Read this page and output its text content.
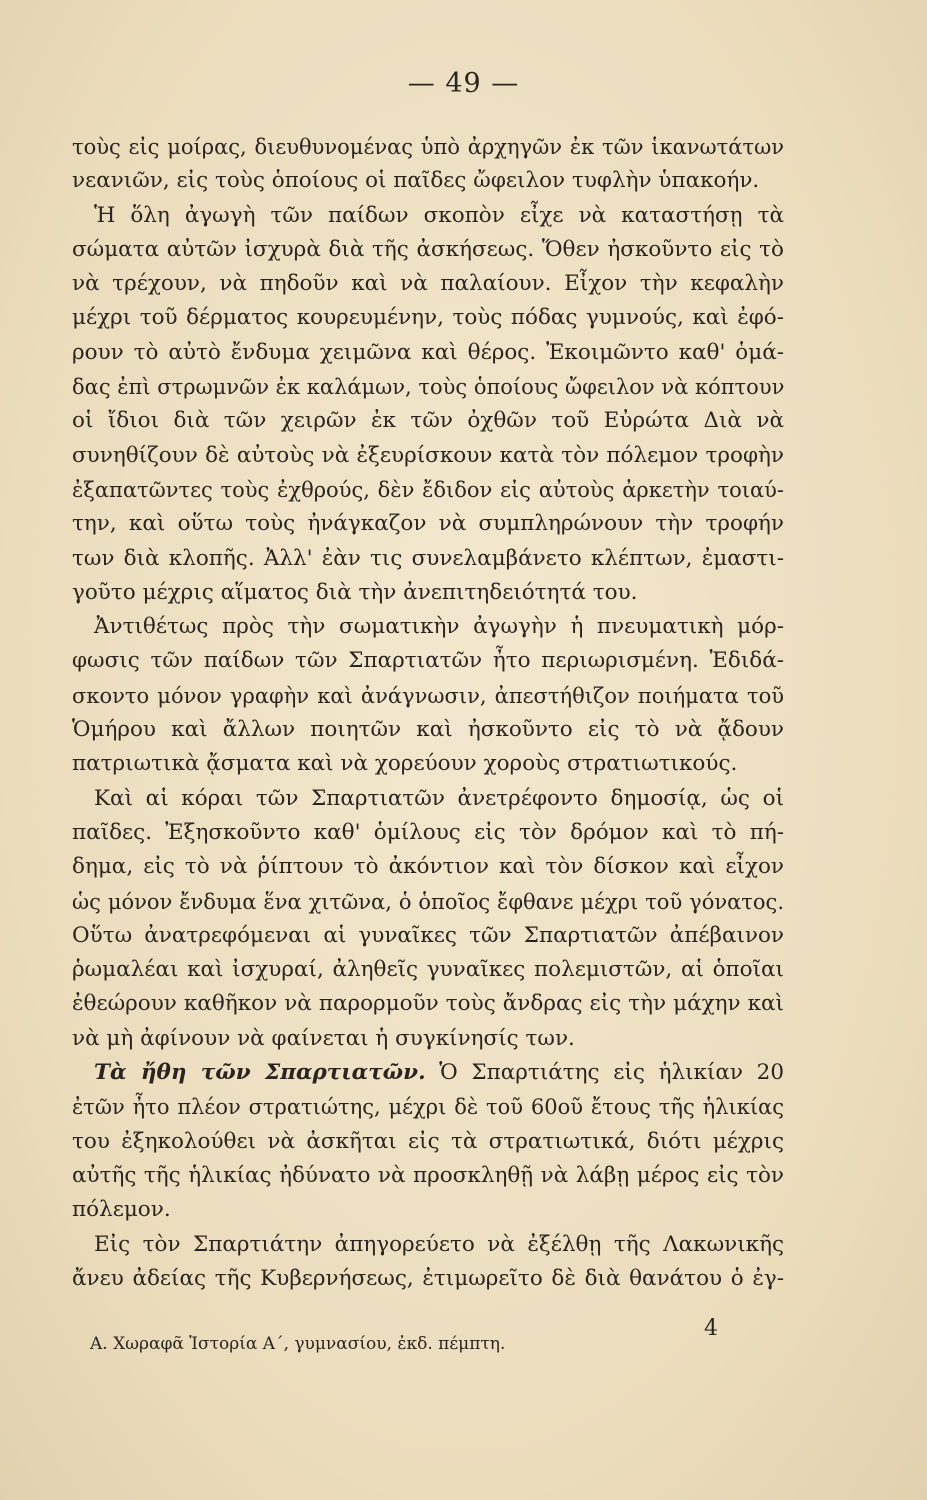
— 49 —
τοὺς εἰς μοίρας, διευθυνομένας ὑπὸ ἀρχηγῶν ἐκ τῶν ἱκανωτάτων
νεανιῶν, εἰς τοὺς ὁποίους οἱ παῖδες ὤφειλον τυφλὴν ὑπακοήν.
Ἡ ὅλη ἀγωγὴ τῶν παίδων σκοπὸν εἶχε νὰ καταστήσῃ τὰ
σώματα αὐτῶν ἰσχυρὰ διὰ τῆς ἀσκήσεως. Ὅθεν ἠσκοῦντο εἰς τὸ
νὰ τρέχουν, νὰ πηδοῦν καὶ νὰ παλαίουν. Εἶχον τὴν κεφαλὴν
μέχρι τοῦ δέρματος κουρευμένην, τοὺς πόδας γυμνούς, καὶ ἐφό-
ρουν τὸ αὐτὸ ἔνδυμα χειμῶνα καὶ θέρος. Ἐκοιμῶντο καθ' ὁμά-
δας ἐπὶ στρωμνῶν ἐκ καλάμων, τοὺς ὁποίους ὤφειλον νὰ κόπτουν
οἱ ἴδιοι διὰ τῶν χειρῶν ἐκ τῶν ὀχθῶν τοῦ Εὐρώτα Διὰ νὰ
συνηθίζουν δὲ αὐτοὺς νὰ ἐξευρίσκουν κατὰ τὸν πόλεμον τροφὴν
ἐξαπατῶντες τοὺς ἐχθρούς, δὲν ἔδιδον εἰς αὐτοὺς ἀρκετὴν τοιαύ-
την, καὶ οὕτω τοὺς ἠνάγκαζον νὰ συμπληρώνουν τὴν τροφήν
των διὰ κλοπῆς. Ἀλλ' ἐὰν τις συνελαμβάνετο κλέπτων, ἐμαστι-
γοῦτο μέχρις αἵματος διὰ τὴν ἀνεπιτηδειότητά του.
Ἀντιθέτως πρὸς τὴν σωματικὴν ἀγωγὴν ἡ πνευματικὴ μόρ-
φωσις τῶν παίδων τῶν Σπαρτιατῶν ἦτο περιωρισμένη. Ἐδιδά-
σκοντο μόνον γραφὴν καὶ ἀνάγνωσιν, ἀπεστήθιζον ποιήματα τοῦ
Ὁμήρου καὶ ἄλλων ποιητῶν καὶ ἠσκοῦντο εἰς τὸ νὰ ᾄδουν
πατριωτικὰ ᾄσματα καὶ νὰ χορεύουν χοροὺς στρατιωτικούς.
Καὶ αἱ κόραι τῶν Σπαρτιατῶν ἀνετρέφοντο δημοσίᾳ, ὡς οἱ
παῖδες. Ἐξησκοῦντο καθ' ὁμίλους εἰς τὸν δρόμον καὶ τὸ πή-
δημα, εἰς τὸ νὰ ῥίπτουν τὸ ἀκόντιον καὶ τὸν δίσκον καὶ εἶχον
ὡς μόνον ἔνδυμα ἕνα χιτῶνα, ὁ ὁποῖος ἔφθανε μέχρι τοῦ γόνατος.
Οὕτω ἀνατρεφόμεναι αἱ γυναῖκες τῶν Σπαρτιατῶν ἀπέβαινον
ῥωμαλέαι καὶ ἰσχυραί, ἀληθεῖς γυναῖκες πολεμιστῶν, αἱ ὁποῖαι
ἐθεώρουν καθῆκον νὰ παρορμοῦν τοὺς ἄνδρας εἰς τὴν μάχην καὶ
νὰ μὴ ἀφίνουν νὰ φαίνεται ἡ συγκίνησίς των.
Τὰ ἤθη τῶν Σπαρτιατῶν. Ὁ Σπαρτιάτης εἰς ἡλικίαν 20
ἐτῶν ἦτο πλέον στρατιώτης, μέχρι δὲ τοῦ 60οῦ ἔτους τῆς ἡλικίας
του ἐξηκολούθει νὰ ἀσκῆται εἰς τὰ στρατιωτικά, διότι μέχρις
αὐτῆς τῆς ἡλικίας ἠδύνατο νὰ προσκληθῇ νὰ λάβῃ μέρος εἰς τὸν
πόλεμον.
Εἰς τὸν Σπαρτιάτην ἀπηγορεύετο νὰ ἐξέλθῃ τῆς Λακωνικῆς
ἄνευ ἀδείας τῆς Κυβερνήσεως, ἐτιμωρεῖτο δὲ διὰ θανάτου ὁ ἐγ-
4
Α. Χωραφᾶ Ἱστορία Α΄, γυμνασίου, ἐκδ. πέμπτη.
